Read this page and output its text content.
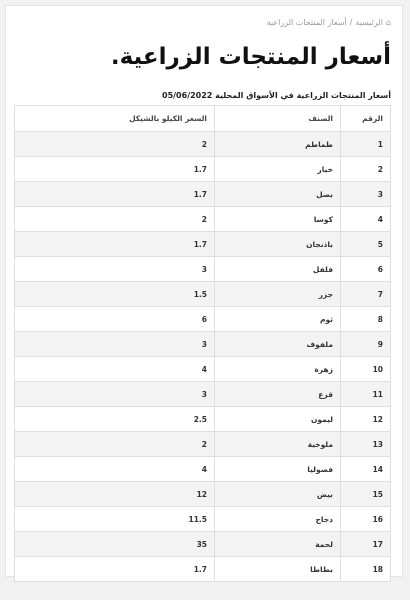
⌂
الرئيسية
/
أسعار المنتجات الزراعية
أسعار المنتجات الزراعية.
أسعار المنتجات الزراعية في الأسواق المحلية 05/06/2022
الرقم	الصنف	السعر الكيلو بالشيكل
1	طماطم	2
2	خيار	1.7
3	بصل	1.7
4	كوسا	2
5	باذنجان	1.7
6	فلفل	3
7	جزر	1.5
8	ثوم	6
9	ملفوف	3
10	زهرة	4
11	قرع	3
12	ليمون	2.5
13	ملوخية	2
14	فصوليا	4
15	بيض	12
16	دجاج	11.5
17	لحمة	35
18	بطاطا	1.7
